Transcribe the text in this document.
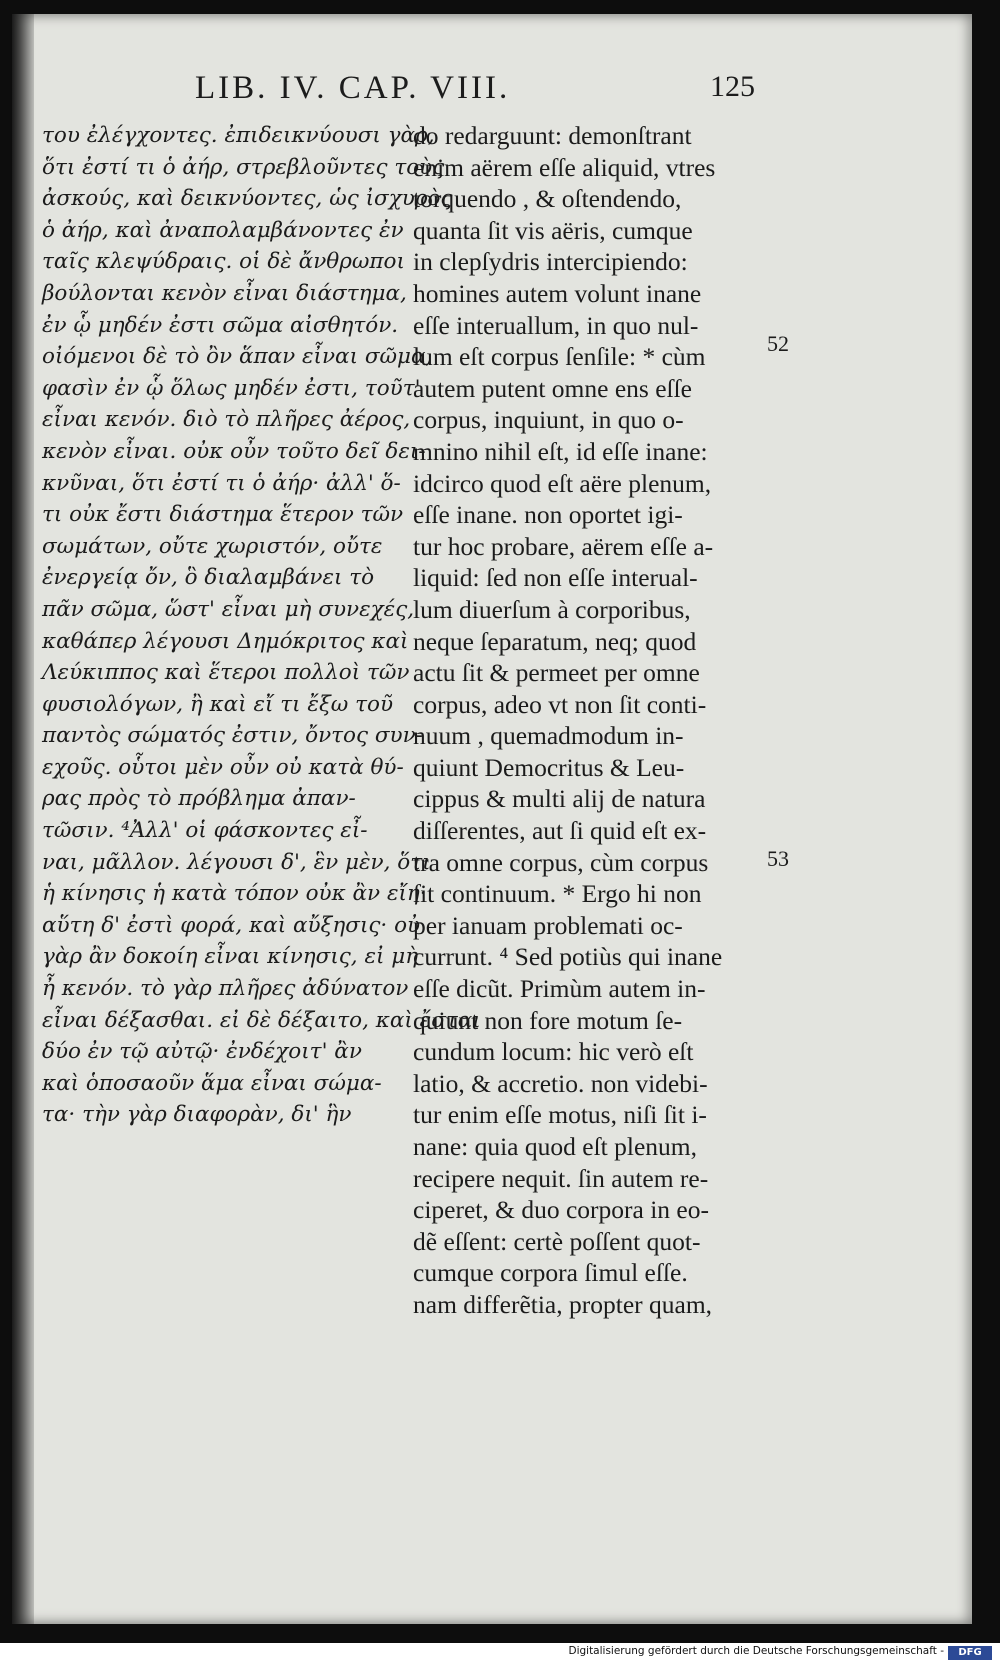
LIB. IV. CAP. VIII.	125
του ἐλέγχοντες. ἐπιδεικνύουσι γὰρ,
ὅτι ἐστί τι ὁ ἀήρ, στρεβλοῦντες τοὺς
ἀσκούς, καὶ δεικνύοντες, ὡς ἰσχυρὸς
ὁ ἀήρ, καὶ ἀναπολαμβάνοντες ἐν
ταῖς κλεψύδραις. οἱ δὲ ἄνθρωποι
βούλονται κενὸν εἶναι διάστημα,
ἐν ᾧ μηδέν ἐστι σῶμα αἰσθητόν.
οἰόμενοι δὲ τὸ ὂν ἅπαν εἶναι σῶμα,
φασὶν ἐν ᾧ ὅλως μηδέν ἐστι, τοῦτ'
εἶναι κενόν. διὸ τὸ πλῆρες ἀέρος,
κενὸν εἶναι. οὐκ οὖν τοῦτο δεῖ δει-
κνῦναι, ὅτι ἐστί τι ὁ ἀήρ· ἀλλ' ὅ-
τι οὐκ ἔστι διάστημα ἕτερον τῶν
σωμάτων, οὔτε χωριστόν, οὔτε
ἐνεργείᾳ ὄν, ὃ διαλαμβάνει τὸ
πᾶν σῶμα, ὥστ' εἶναι μὴ συνεχές,
καθάπερ λέγουσι Δημόκριτος καὶ
Λεύκιππος καὶ ἕτεροι πολλοὶ τῶν
φυσιολόγων, ἢ καὶ εἴ τι ἔξω τοῦ
παντὸς σώματός ἐστιν, ὄντος συν-
εχοῦς. οὗτοι μὲν οὖν οὐ κατὰ θύ-
ρας πρὸς τὸ πρόβλημα ἀπαν-
τῶσιν. ⁴Ἀλλ' οἱ φάσκοντες εἶ-
ναι, μᾶλλον. λέγουσι δ', ἓν μὲν, ὅτι
ἡ κίνησις ἡ κατὰ τόπον οὐκ ἂν εἴη·
αὕτη δ' ἐστὶ φορά, καὶ αὔξησις· οὐ
γὰρ ἂν δοκοίη εἶναι κίνησις, εἰ μὴ
ἦ κενόν. τὸ γὰρ πλῆρες ἀδύνατον
εἶναι δέξασθαι. εἰ δὲ δέξαιτο, καὶ ἔσται
δύο ἐν τῷ αὐτῷ· ἐνδέχοιτ' ἂν
καὶ ὁποσαοῦν ἅμα εἶναι σώμα-
τα· τὴν γὰρ διαφορὰν, δι' ἣν
do redarguunt: demonſtrant
enim aërem eſſe aliquid, vtres
torquendo , & oſtendendo,
quanta ſit vis aëris, cumque
in clepſydris intercipiendo:
homines autem volunt inane
eſſe interuallum, in quo nul-
lum eſt corpus ſenſile: * cùm
autem putent omne ens eſſe
corpus, inquiunt, in quo o-
mnino nihil eſt, id eſſe inane:
idcirco quod eſt aëre plenum,
eſſe inane. non oportet igi-
tur hoc probare, aërem eſſe a-
liquid: ſed non eſſe interual-
lum diuerſum à corporibus,
neque ſeparatum, neq; quod
actu ſit & permeet per omne
corpus, adeo vt non ſit conti-
nuum , quemadmodum in-
quiunt Democritus & Leu-
cippus & multi alij de natura
diſſerentes, aut ſi quid eſt ex-
tra omne corpus, cùm corpus
ſit continuum. * Ergo hi non
per ianuam problemati oc-
currunt. ⁴ Sed potiùs qui inane
eſſe dicũt. Primùm autem in-
quiunt non fore motum ſe-
cundum locum: hic verò eſt
latio, & accretio. non videbi-
tur enim eſſe motus, niſi ſit i-
nane: quia quod eſt plenum,
recipere nequit. ſin autem re-
ciperet, & duo corpora in eo-
dẽ eſſent: certè poſſent quot-
cumque corpora ſimul eſſe.
nam differẽtia, propter quam,
52
53
Digitalisierung gefördert durch die Deutsche Forschungsgemeinschaft -	DFG
